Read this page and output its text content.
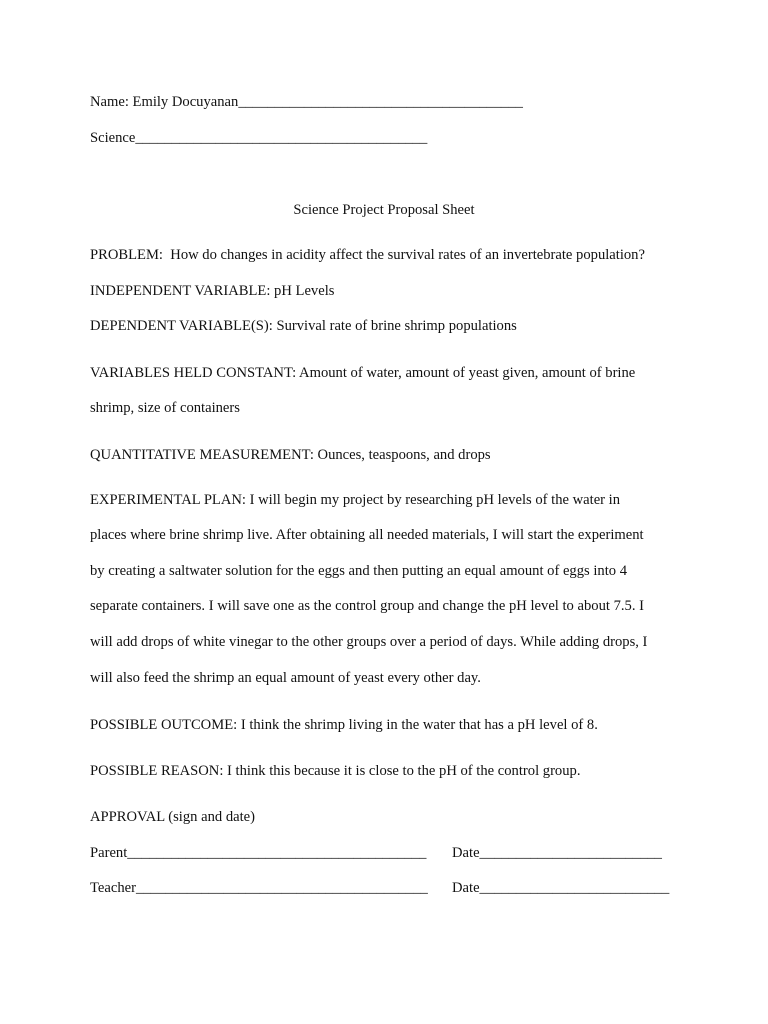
Name: Emily Docuyanan_______________________________________
Science________________________________________
Science Project Proposal Sheet
PROBLEM:  How do changes in acidity affect the survival rates of an invertebrate population?
INDEPENDENT VARIABLE: pH Levels
DEPENDENT VARIABLE(S): Survival rate of brine shrimp populations
VARIABLES HELD CONSTANT: Amount of water, amount of yeast given, amount of brine
shrimp, size of containers
QUANTITATIVE MEASUREMENT: Ounces, teaspoons, and drops
EXPERIMENTAL PLAN: I will begin my project by researching pH levels of the water in
places where brine shrimp live. After obtaining all needed materials, I will start the experiment
by creating a saltwater solution for the eggs and then putting an equal amount of eggs into 4
separate containers. I will save one as the control group and change the pH level to about 7.5. I
will add drops of white vinegar to the other groups over a period of days. While adding drops, I
will also feed the shrimp an equal amount of yeast every other day.
POSSIBLE OUTCOME: I think the shrimp living in the water that has a pH level of 8.
POSSIBLE REASON: I think this because it is close to the pH of the control group.
APPROVAL (sign and date)
Parent_________________________________________ Date_________________________
Teacher________________________________________ Date__________________________
